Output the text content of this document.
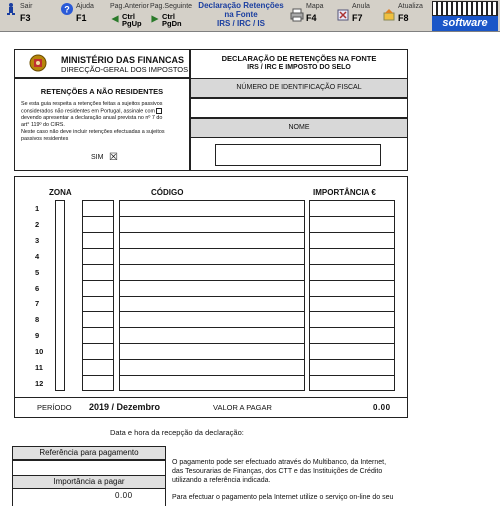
Sair
F3
? Ajuda
F1
Pag.Anterior
Ctrl PgUp
Pag.Seguinte
Ctrl PgDn
Declaração Retenções
na Fonte
IRS / IRC / IS
Mapa
F4
Anula
F7
Atualiza
F8	software
MINISTÉRIO DAS FINANCAS
DIRECÇÃO-GERAL DOS IMPOSTOS
DECLARAÇÃO DE RETENÇÕES NA FONTE
IRS / IRC E IMPOSTO DO SELO
NÚMERO DE IDENTIFICAÇÃO FISCAL
NOME
RETENÇÕES A NÃO RESIDENTES
Se esta guia respeita a retenções feitas a sujeitos passivos
considerados não residentes em Portugal, assinale com
devendo apresentar a declaração anual prevista no nº 7 do
art° 119º do CIRS.
Neste caso não deve incluir retenções efectuadas a sujeitos
passivos residentes
SIM ☒
ZONA	CÓDIGO	IMPORTÂNCIA €
PERÍODO 2019 / Dezembro	VALOR A PAGAR	0.00
1
2
3
4
5
6
7
8
9
10
11
12
Data e hora da recepção da declaração:
Referência para pagamento
Importância a pagar
0.00
O pagamento pode ser efectuado através do Multibanco, da Internet,
das Tesourarias de Finanças, dos CTT e das Instituições de Crédito
utilizando a referência indicada.
Para efectuar o pagamento pela Internet utilize o serviço on-line do seu
